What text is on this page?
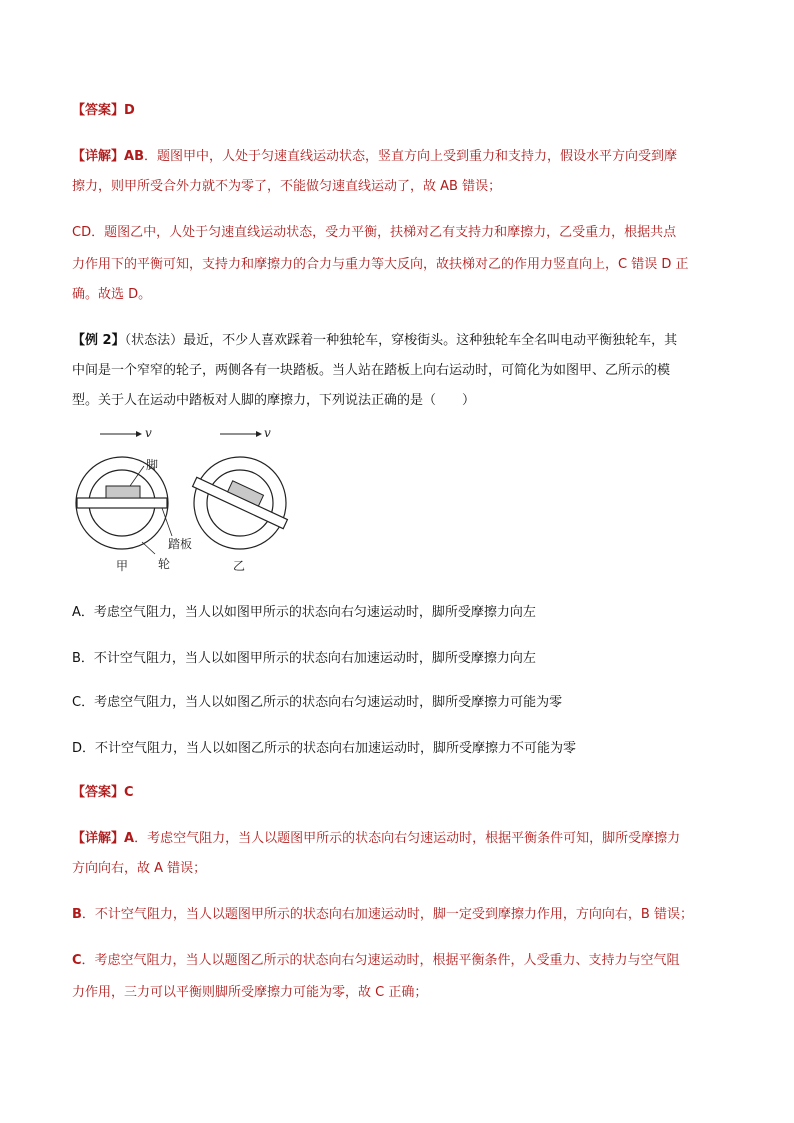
【答案】D
【详解】AB．题图甲中，人处于匀速直线运动状态，竖直方向上受到重力和支持力，假设水平方向受到摩
擦力，则甲所受合外力就不为零了，不能做匀速直线运动了，故 AB 错误；
CD．题图乙中，人处于匀速直线运动状态，受力平衡，扶梯对乙有支持力和摩擦力，乙受重力，根据共点
力作用下的平衡可知，支持力和摩擦力的合力与重力等大反向，故扶梯对乙的作用力竖直向上，C 错误 D 正
确。故选 D。
【例 2】（状态法）最近，不少人喜欢踩着一种独轮车，穿梭街头。这种独轮车全名叫电动平衡独轮车，其
中间是一个窄窄的轮子，两侧各有一块踏板。当人站在踏板上向右运动时，可简化为如图甲、乙所示的模
型。关于人在运动中踏板对人脚的摩擦力，下列说法正确的是（　　）
v
脚
踏板
轮
甲
v
乙
A．考虑空气阻力，当人以如图甲所示的状态向右匀速运动时，脚所受摩擦力向左
B．不计空气阻力，当人以如图甲所示的状态向右加速运动时，脚所受摩擦力向左
C．考虑空气阻力，当人以如图乙所示的状态向右匀速运动时，脚所受摩擦力可能为零
D．不计空气阻力，当人以如图乙所示的状态向右加速运动时，脚所受摩擦力不可能为零
【答案】C
【详解】A．考虑空气阻力，当人以题图甲所示的状态向右匀速运动时，根据平衡条件可知，脚所受摩擦力
方向向右，故 A 错误；
B．不计空气阻力，当人以题图甲所示的状态向右加速运动时，脚一定受到摩擦力作用，方向向右，B 错误；
C．考虑空气阻力，当人以题图乙所示的状态向右匀速运动时，根据平衡条件，人受重力、支持力与空气阻
力作用，三力可以平衡则脚所受摩擦力可能为零，故 C 正确；
